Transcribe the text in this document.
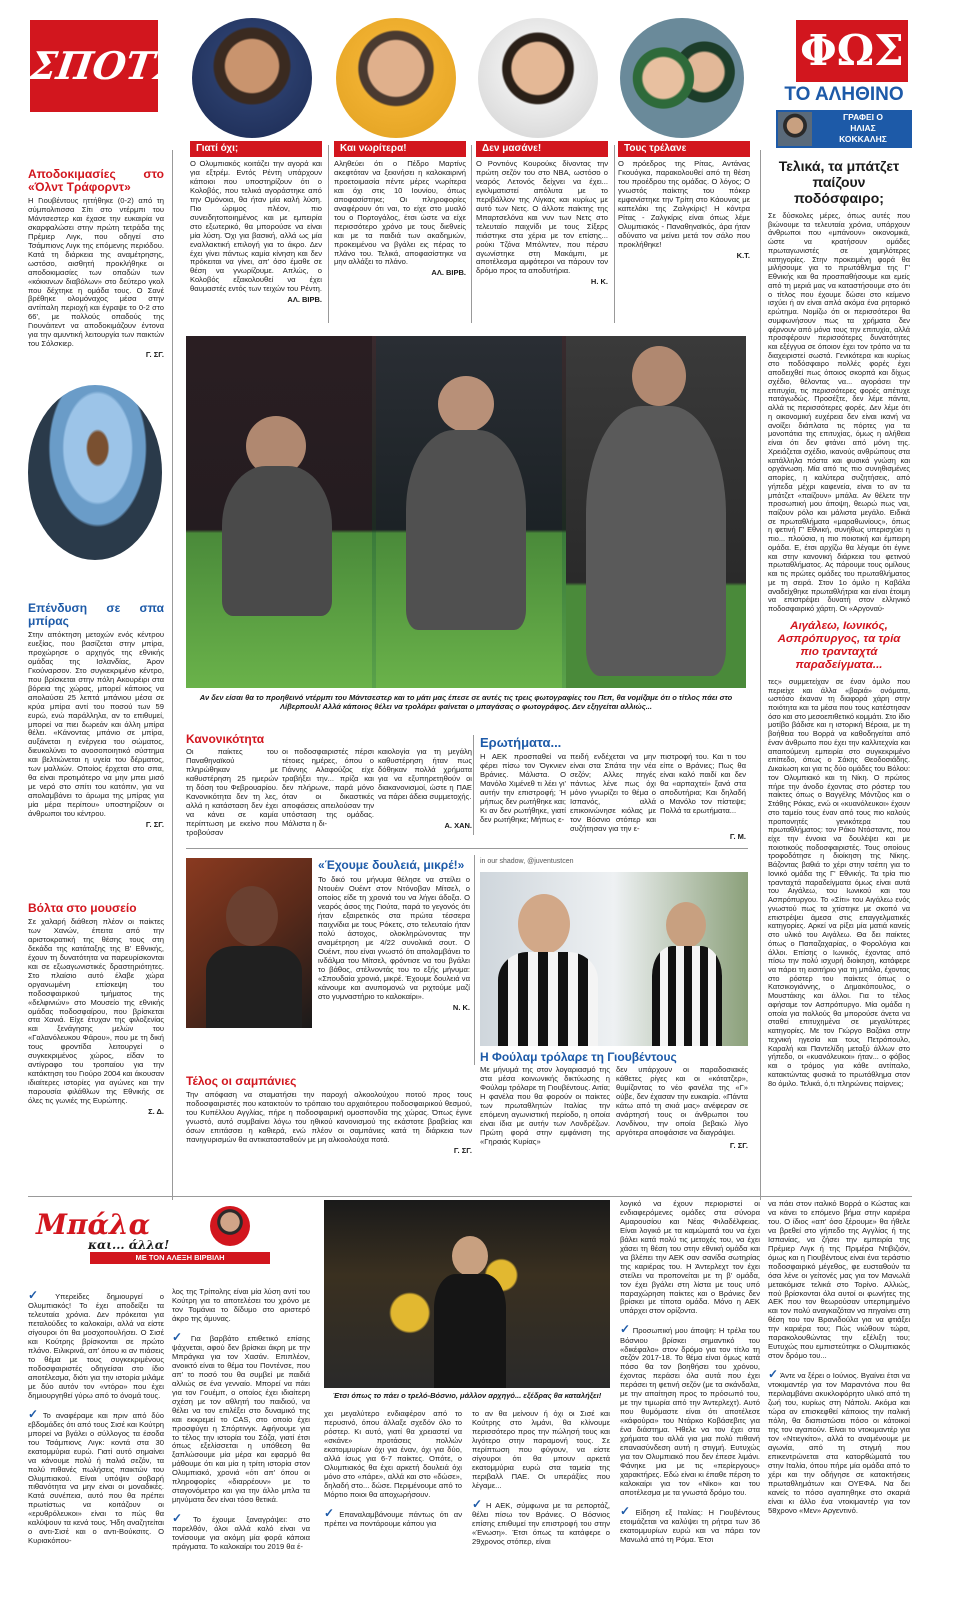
ΣΠΟΤΣ
Γιατί όχι;	Και νωρίτερα!	Δεν μασάνε!	Τους τρέλανε
ΦΩΣ
ΤΟ ΑΛΗΘΙΝΟ
ΓΡΑΦΕΙ Ο
ΗΛΙΑΣ
ΚΟΚΚΑΛΗΣ
Ο Ολυμπιακός κοιτάζει την αγορά και για εξτρέμ. Εντός Ρέντη υπάρχουν κάποιοι που υποστηρίζουν ότι ο Κολοβός, που τελικά αγοράστηκε από την Ομόνοια, θα ήταν μία καλή λύση. Πιο ώριμος πλέον, πιο συνειδητοποιημένος και με εμπειρία στο εξωτερικό, θα μπορούσε να είναι μία λύση. Όχι για βασική, αλλά ως μία εναλλακτική επιλογή για το άκρο. Δεν έχει γίνει πάντως καμία κίνηση και δεν πρόκειται να γίνει, απ' όσο έμαθε σε θέση να γνωρίζουμε. Απλώς, ο Κολοβός εξακολουθεί να έχει θαυμαστές εντός των τειχών του Ρέντη.
ΑΛ. ΒΙΡΒ.
Αληθεύει ότι ο Πέδρο Μαρτίνς ακεφτόταν να ξεκινήσει η καλοκαιρινή προετοιμασία πέντε μέρες νωρίτερα και όχι στις 10 Ιουνίου, όπως αποφασίστηκε; Οι πληροφορίες αναφέρουν ότι ναι, το είχε στο μυαλό του ο Πορτογάλος, έτσι ώστε να είχε περισσότερο χρόνο με τους διεθνείς και με τα παιδιά των ακαδημιών, προκειμένου να βγάλει εις πέρας το πλάνο του. Τελικά, αποφασίστηκε να μην αλλάξει το πλάνο.
ΑΛ. ΒΙΡΒ.
Ο Ροντιόνς Κουρούκς δίνοντας την πρώτη σεζόν του στο NBA, ωστόσο ο νεαρός Λετονός δείχνει να έχει... εγκλιματιστεί απόλυτα με το περιβάλλον της Λίγκας και κυρίως με αυτό των Νετς. Ο άλλοτε παίκτης της Μπαρτσελόνα και νυν των Νετς στο τελευταίο παιχνίδι με τους Σίξερς πιάστηκε στα χέρια με τον επίσης... ρούκι Τζόνα Μπόλντεν, που πέρσυ αγωνίστηκε στη Μακάμπι, με αποτέλεσμα αμφότεροι να πάρουν τον δρόμο προς τα αποδυτήρια.
Η. Κ.
Ο πρόεδρος της Ρίτας, Αντάνας Γκουόγκα, παρακολουθεί από τη θέση του προέδρου της ομάδας. Ο λόγος; Ο γνωστός παίκτης του πόκερ εμφανίστηκε την Τρίτη στο Κάουνας με καπελάκι της Ζαλγκίρις! Η κόντρα Ρίτας - Ζαλγκίρις είναι όπως λέμε Ολυμπιακός - Παναθηναϊκός, άρα ήταν αδύνατο να μείνει μετά τον σάλο που προκλήθηκε!
Κ.Τ.
Αποδοκιμασίες στο «Όλντ Τράφορντ»
Η Γιουβέντους ηττήθηκε (0-2) από τη σύμπολιτισσα Σίτι στο ντέρμπι του Μάντσεστερ και έχασε την ευκαιρία να σκαρφαλώσει στην πρώτη τετράδα της Πρέμιερ Λιγκ, που οδηγεί στο Τσάμπιονς Λιγκ της επόμενης περιόδου. Κατά τη διάρκεια της αναμέτρησης, ωστόσο, αισθητή προκλήθηκε οι αποδοκιμασίες των οπαδών των «κόκκινων διαβόλων» στο δεύτερο γκολ που δέχτηκε η ομάδα τους. Ο Σανέ βρέθηκε ολομόναχος μέσα στην αντίπαλη περιοχή και έγραψε το 0-2 στο 66', με πολλούς οπαδούς της Γιουνάιτεντ να αποδοκιμάζουν έντονα για την αμυντική λειτουργία των παικτών του Σόλσκιερ.
Γ. ΣΓ.
Επένδυση σε σπα μπίρας
Στην απόκτηση μετοχών ενός κέντρου ευεξίας, που βασίζεται στην μπίρα, προχώρησε ο αρχηγός της εθνικής ομάδας της Ισλανδίας, Άρον Γκούναρσον. Στο συγκεκριμένο κέντρο, που βρίσκεται στην πόλη Ακουρέιρι στα βόρεια της χώρας, μπορεί κάποιος να απολαύσει 25 λεπτά μπάνιου μέσα σε κρύα μπίρα αντί του ποσού των 59 ευρώ, ενώ παράλληλα, αν το επιθυμεί, μπορεί να πιει δωρεάν και άλλη μπίρα θέλει. «Κάνοντας μπάνιο σε μπίρα, αυξάνεται η ενέργεια του σώματος, διευκολύνει το ανοσοποιητικό σύστημα και βελτιώνεται η υγεία του δέρματος, των μαλλιών. Οποίος έρχεται στο σπα, θα είναι προτιμότερο να μην μπει μισό με νερό στο σπίτι του κατόπιν, για να απολαμβάνει το άρωμα της μπίρας για μία μέρα περίπου» υποστηρίζουν οι άνθρωποι του κέντρου.
Γ. ΣΓ.
Βόλτα στο μουσείο
Σε χαλαρή διάθεση πλέον οι παίκτες των Χανών, έπειτα από την αριστοκρατική της θέσης τους στη δεκάδα της κατάταξης της Β' Εθνικής, έχουν τη δυνατότητα να παρευρίσκονται και σε εξωαγωνιστικές δραστηριότητες. Στο πλαίσιο αυτό έλαβε χώρα οργανωμένη επίσκεψη του ποδοσφαιρικού τμήματος της «δελφινιών» στο Μουσείο της εθνικής ομάδας ποδοσφαίρου, που βρίσκεται στα Χανιά. Είχε έτυχαν της φιλοξενίας και ξενάγησης μελών του «Γαλανόλευκου Φάρου», που με τη δική τους φροντίδα λειτουργεί ο συγκεκριμένος χώρος, είδαν το αντίγραφο του τροπαίου για την κατάκτηση του Γιούρο 2004 και άκουσαν ιδιαίτερες ιστορίες για αγώνες και την παρουσία φιλάθλων της Εθνικής σε όλες τις γωνιές της Ευρώπης.
Σ. Δ.
Αν δεν είσαι θα το προηθεινό ντέρμπι του Μάντσεστερ και το μάτι μας έπεσε σε αυτές τις τρεις φωτογραφίες του Πεπ, θα νομίζαμε ότι ο τίτλος πάει στο Λίβερπουλ! Αλλά κάποιος θέλει να τρολάρει φαίνεται ο μπαγάσας ο φωτογράφος. Δεν εξηγείται αλλιώς...
Κανονικότητα
Οι παίκτες του Παναθηναϊκού πληρώθηκαν με καθυστέρηση 25 ημερών τη δόση του Φεβρουαρίου. Κανονικότητα δεν τη λες, αλλά η κατάσταση δεν έχει να κάνει σε καμία περίπτωση με εκείνο που τροβούσαν
οι ποδοσφαιριστές πέρσι τέτοιες ημέρες, όπου ο Γιάννης Αλαφούζος είχε τραβήξει την... πρίζα και δεν πλήρωνε, παρά μόνο όταν οι δικαστικές αποφάσεις απειλούσαν την υπόσταση της ομάδας. Μάλιστα η δι-
καιολογία για τη μεγάλη καθυστέρηση ήταν πως δόθηκαν πολλά χρήματα για να εξυπηρετηθούν οι διακανονισμοί, ώστε η ΠΑΕ να πάρει άδεια συμμετοχής.
Α. ΧΑΝ.
Ερωτήματα...
Η ΑΕΚ προσπαθεί να φέρει πίσω τον Όγκνιεν Βράνιες. Μάλιστα. Ο Μανόλο Χιμένεθ τι λέει γι' αυτήν την επιστροφή; Ή μήπως δεν ρωτήθηκε και; Κι αν δεν ρωτήθηκε, γιατί δεν ρωτήθηκε; Μήπως ε-
πειδή ενδέχεται να μην είναι στα Σπάτα την νέα σεζόν; Αλλες πηγές πάντως λένε πως όχι μόνο γνωρίζει το θέμα ο Ισπανός, αλλά επικοινώνησε κιόλας με τον Βόσνιο στόπερ και συζήτησαν για την ε-
πιστροφή του. Και τι του είπε ο Βράνιες; Πως θα είναι καλό παιδί και δεν θα «αρπαχτεί» ξανά στα αποδυτήρια; Και δηλαδή ο Μανόλο τον πίστεψε; Πολλά τα ερωτήματα...
Γ. Μ.
«Έχουμε δουλειά, μικρέ!»
Το δικό του μήνυμα θέλησε να στείλει ο Ντουέιν Ουέιντ στον Ντόνοβαν Μίτσελ, ο οποίος είδε τη χρονιά του να λήγει άδοξα. Ο νεαρός άσος της Γιούτα, παρά το γεγονός ότι ήταν εξαιρετικός στα πρώτα τέσσερα παιχνίδια με τους Ρόκετς, στο τελευταίο ήταν πολύ άστοχος, ολοκληρώνοντας την αναμέτρηση με 4/22 συνολικά σουτ. Ο Ουέιντ, που είναι γνωστό ότι απολαμβάνει το ινδάλμα του Μίτσελ, φρόντισε να του βγάλει το βάθος, στέλνοντάς του το εξής μήνυμα: «Σπουδαία χρονιά, μικρέ. Έχουμε δουλειά να κάνουμε και ανυπομονώ να ριχτούμε μαζί στο γυμναστήριο το καλοκαίρι».
Ν. Κ.
in our shadow, @juventustcen
Η Φούλαμ τρόλαρε τη Γιουβέντους
Με μήνυμά της στον λογαριασμό της στα μέσα κοινωνικής δικτύωσης η Φούλαμ τρόλαρε τη Γιουβέντους. Αιτία; Η φανέλα που θα φορούν οι παίκτες των πρωταθλητών Ιταλίας την επόμενη αγωνιστική περίοδο, η οποία είναι ίδια με αυτήν των Λονδρέζων. Πρώτη φορά στην εμφάνιση της «Γηραιάς Κυρίας»
δεν υπάρχουν οι παραδοσιακές κάθετες ρίγες και οι «κότατζερ», θυμίζοντας το νέο φανέλα της «Γ» ούβε, δεν έχασαν την ευκαιρία. «Πάντα κάτω από τη σκιά μας» ανέφεραν σε ανάρτησή τους οι άνθρωποι του Λονδίνου, την οποία βεβαιώ λίγο αργότερα αποφάσισε να διαγράψει.
Γ. ΣΓ.
Τέλος οι σαμπάνιες
Την απόφαση να σταματήσει την παροχή αλκοολούχου ποτού προς τους ποδοσφαιριστές που κατακτούν το τρόπαιο του αρχαιότερου ποδοσφαιρικού θεσμού, του Κυπέλλου Αγγλίας, πήρε η ποδοσφαιρική ομοσπονδία της χώρας. Όπως έγινε γνωστό, αυτό συμβαίνει λόγω του ηθικού κανονισμού της εκάστοτε βραβείας και όσων επιτάσσει η καθιερά, ενώ πλέον οι σαμπάνιες κατά τη διάρκεια των πανηγυρισμών θα αντικατασταθούν με μη αλκοολούχα ποτά.
Γ. ΣΓ.
Τελικά, τα μπάτζετ παίζουν ποδόσφαιρο;
Σε δύσκολες μέρες, όπως αυτές που βιώνουμε τα τελευταία χρόνια, υπάρχουν άνθρωποι που «μπάνουν» οικονομικά, ώστε να κρατήσουν ομάδες πρωταγωνιστές σε χαμηλότερες κατηγορίες. Στην προκειμένη φορά θα μιλήσουμε για το πρωτάθλημα της Γ' Εθνικής και θα προσπαθήσουμε και εμείς από τη μεριά μας να καταστήσουμε στο ότι ο τίτλος που έχουμε δώσει στο κείμενο ισχύει ή αν είναι απλά ακόμα ένα ρητορικό ερώτημα. Νομίζω ότι οι περισσότεροι θα συμφωνήσουν πως τα χρήματα δεν φέρνουν από μόνα τους την επιτυχία, αλλά προσφέρουν περισσότερες δυνατότητες και εξέγγυα σε όποιον έχει τον τρόπο να τα διαχειριστεί σωστά. Γενικότερα και κυρίως στο ποδόσφαιρο πολλές φορές έχει αποδειχθεί πως όποιος σκορπά και δίχως σχέδιο, θέλοντας να... αγοράσει την επιτυχία, τις περισσότερες φορές απέτυχε πατάγωδώς. Προσέξτε, δεν λέμε πάντα, αλλά τις περισσότερες φορές. Δεν λέμε ότι η οικονομική ευχέρεια δεν είναι ικανή να ανοίξει διάπλατα τις πόρτες για τα μονοπάτια της επιτυχίας, όμως η αλήθεια είναι ότι δεν φτάνει από μόνη της. Χρειάζεται σχέδιο, ικανούς ανθρώπους στα κατάλληλα πόστα και φυσικά γνώση και οργάνωση. Μία από τις πιο συνηθισμένες απορίες, η καλύτερα συζητήσεις, από γήπεδα μέχρι καφενεία, είναι το αν τα μπάτζετ «παίζουν» μπάλα. Αν θέλετε την προσωπική μου άποψη, θεωρώ πως ναι, παίζουν ρόλο και μάλιστα μεγάλο. Ειδικά σε πρωταθλήματα «μαραθωνίους», όπως η φετινή Γ' Εθνική, συνήθως υπερισχύει η πιο... πλούσια, η πιο ποιοτική και έμπειρη ομάδα. Ε, έτσι αρχίζω θα λέγαμε ότι έγινε και στην κανονική διάρκεια του φετινού πρωταθλήματος. Ας πάρουμε τους ομίλους και τις πρώτες ομάδες του πρωταθλήματος με τη σειρά. Στον 1ο όμιλο η Καβάλα αναδείχθηκε πρωταθλήτρια και είναι έτοιμη να επιστρέψει δυνατή στον ελληνικό ποδοσφαιρικό χάρτη. Οι «Αργοναύ-
Αιγάλεω, Ιωνικός, Ασπρόπυργος, τα τρία πιο τρανταχτά παραδείγματα...
τες» συμμετείχαν σε έναν όμιλο που περιείχε και άλλα «βαριά» ονόματα, ωστόσο έκαναν τη διαφορά χάρη στην ποιότητα και τα μέσα που τους κατέστησαν όσο και στο μεσοεπιθετικό κομμάτι. Στο ίδιο μοτίβο βάδισε και η ιστορική Βέροια, με τη βοήθεια του Βορρά να καθοδηγείται από έναν άνθρωπο που έχει την καλλιτεχνία και απαιτούμενη εμπειρία στο συγκεκριμένο επίπεδο, όπως ο Σάκης Θεοδοσιάδης. Δικαίωση και για τις δύο ομάδες του Βόλου: τον Ολυμπιακό και τη Νίκη. Ο πρώτος πήρε την άνοδο έχοντας στο ρόστερ του παίκτες όπως ο Βαγγέλης Μόντζιος και ο Στάθης Ρόκας, ενώ οι «κυανόλευκοι» έχουν στο ταμείο τους έναν από τους πιο καλούς προπονητές γενικότερα του πρωταθλήματος: τον Ράκο Ντόσταντς, που είχε την έννοια να δουλέψει και με ποιοτικούς ποδοσφαιριστές. Τους οποίους τροφοδότησε η διοίκηση της Νίκης. Βάζοντας βαθιά το χέρι στην τσέπη για το Ιονικό ομάδα της Γ' Εθνικής. Τα τρία πιο τρανταχτά παραδείγματα όμως είναι αυτά του Αιγάλεω, του Ιωνικού και του Ασπρόπυργου. Το «Σίτι» του Αιγάλεω ενός γνωστού πως τα χτίστηκε με σκοπό να επιστρέψει άμεσα στις επαγγελματικές κατηγορίες. Αρκεί να ρίξει μία ματιά κανείς στο υλικό του Αιγάλεω. Θα δει παίκτες όπως ο Παπαζαχαρίας, ο Φορολόγια και άλλοι. Επίσης ο Ιωνικός, έχοντας από πίσω την πολύ ισχυρή διοίκηση, κατάφερε να πάρει τη εισιτήριο για τη μπάλα, έχοντας στο ρόστερ του παίκτες όπως ο Κατσικογιάννης, ο Δημακόπουλος, ο Μουστάκης και άλλοι. Για το τέλος αφήσαμε τον Ασπρόπυργο. Μία ομάδα η οποία για πολλούς θα μπορούσε άνετα να σταθεί επιτυχημένα σε μεγαλύτερες κατηγορίες. Με τον Γιώργο Βαζάκα στην τεχνική ηγεσία και τους Πετρόπουλο, Καραλή και Παντελίδη μεταξύ άλλων στο γήπεδο, οι «κυανόλευκοι» ήταν... ο φόβος και ο τρόμος για κάθε αντίπαλο, κατακτώντας φυσικά το πρωτάθλημα στον 8ο όμιλο. Τελικά, ό,τι πληρώνεις παίρνεις;
Μπάλα
και... άλλα!
ΜΕ ΤΟΝ ΑΛΕΞΗ ΒΙΡΒΙΛΗ
✓ Υπερείδες δημιουργεί ο Ολυμπιακός! Το έχει αποδείξει τα τελευταία χρόνια. Δεν πρόκειται για πεταλούδες το καλοκαίρι, αλλά να είστε σίγουροι ότι θα μοσχοπουλήσει. Ο Σισέ και Κούτρης βρίσκονται σε πρώτο πλάνο. Ειλικρινά, απ' όπου κι αν πιάσεις το θέμα με τους συγκεκριμένους ποδοσφαιριστές οδηγείσαι στο ίδιο αποτέλεσμα, διότι για την ιστορία μιλάμε με δύο αυτόν τον «ντόρο» που έχει δημιουργηθεί γύρω από το όνομά τους.
✓ Το αναφέραμε και πριν από δύο εβδομάδες ότι από τους Σισέ και Κούτρη μπορεί να βγάλει ο σύλλογος τα έσοδα του Τσάμπιονς Λιγκ: κοντά στα 30 εκατομμύρια ευρώ. Γιατί αυτό σημαίνει να κάνουμε πολύ ή παλιά σεζόν, τα πολύ πιθανές πωλήσεις παικτών του Ολυμπιακού. Είναι υπόψιν σοβαρή πιθανότητα να μην είναι οι μοναδικές. Κατά συνέπεια, αυτό που θα πρέπει πρωτίστως να κοιτάζουν οι «ερυθρόλευκοι» είναι το πώς θα καλύψουν τα κενά τους. Ήδη αναζητείται ο αντι-Σισέ και ο αντι-Βούκσιτς. Ο Κυριακόπου-
λος της Τρίπολης είναι μία λύση αντί του Κούτρη για το αποτελέσει του χρόνο με τον Τομάνια το δίδυμο στο αριστερό άκρο της άμυνας.
✓ Για βαρβάτο επιθετικό επίσης ψάχνεται, αφού δεν βρίσκει άκρη με την Μπράγκα για τον Χασάν. Επιπλέον, ανοικτό είναι το θέμα του Ποντένσε, που απ' το ποσό του θα συμβεί με παιδιά αλλιώς σε ένα γενναίο. Μπορεί να πάει για τον Γουέμπ, ο οποίος έχει ιδιαίτερη σχέση με τον αθλητή του παιδιού, να θέλει να τον επιλέξει στο δυναμικό της και εκκρεμεί το CAS, στο οποίο έχει προσφύγει η Σπόρτινγκ. Αφήνουμε για το τέλος την ιστορία του Σόζα, γιατί έτσι όπως εξελίσσεται η υπόθεση θα ξαπλώσουμε μία μέρα και εφαρμό θα μάθουμε ότι και μία η τρίτη ιστορία στον Ολυμπιακό, χρονιά «ότι απ' όπου οι πληροφορίες «διαρρέουν» με το σταγονόμετρο και για την άλλο μπλα τα μηνύματα δεν είναι τόσο θετικά.
✓ Το έχουμε ξαναγράψει: στο παρελθόν, όλοι αλλά καλό είναι να τονίσουμε για ακόμη μία φορά κάποια πράγματα. Το καλοκαίρι του 2019 θα έ-
Έτσι όπως το πάει ο τρελό-Βόσνιο, μάλλον αρχηγό... εξέδρας θα καταλήξει!
χει μεγαλύτερο ενδιαφέρον από το περυσινό, όπου άλλαξε σχεδόν όλο το ρόστερ. Κι αυτό, γιατί θα χρειαστεί να «σκάνε» προτάσεις πολλών εκατομμυρίων όχι για έναν, όχι για δύο, αλλά ίσως για 6-7 παίκτες. Οπότε, ο Ολυμπιακός θα έχει αρκετή δουλειά όχι μόνο στο «πάρε», αλλά και στο «δώσε», δηλαδή στο... δώσε. Περιμένουμε από το Μόρτιο ποιοι θα αποχωρήσουν.
✓ Επαναλαμβάνουμε πάντως ότι αν πρέπει να ποντάρουμε κάπου για
το αν θα μείνουν ή όχι οι Σισέ και Κούτρης στο λιμάνι, θα κλίνουμε περισσότερο προς την πώλησή τους και λιγότερο στην παραμονή τους. Σε περίπτωση που φύγουν, να είστε σίγουροι ότι θα μπουν αρκετά εκατομμύρια ευρώ στα ταμεία της περιβαλλ ΠΑΕ. Οι υπεράξίες που λέγαμε...
✓ Η ΑΕΚ, σύμφωνα με τα ρεπορτάζ, θέλει πίσω τον Βράνιες. Ο Βόσνιος επίσης επιθυμεί την επιστροφή του στην «Ένωση». Έτσι όπως τα κατάφερε ο 29χρονος στόπερ, είναι
λογικό να έχουν περιοριστεί οι ενδιαφερόμενες ομάδες στα σύνορα Αμαρουσίου και Νέας Φιλαδέλφειας. Είναι λογικό με τα καμώματά του να έχει βάλει κατά πολύ τις μετοχές του, να έχει χάσει τη θέση του στην εθνική ομάδα και να βλέπει την ΑΕΚ σαν σανίδα σωτηρίας της καριέρας του. Η Άντερλεχτ τον έχει στείλει να προπονείται με τη β' ομάδα, τον έχει βγάλει στη λίστα με τους υπό παραχώρηση παίκτες και ο Βράνιες δεν βρίσκει με τίποτα ομάδα. Μόνο η ΑΕΚ υπάρχει στον ορίζοντα.
✓ Προσωπική μου άποψη: Η τρέλα του Βόσνιου βρίσκει σημαντικό του «δικέφαλο» στον δρόμο για τον τίτλο τη σεζόν 2017-18. Το θέμα είναι όμως κατά πόσο θα τον βοηθήσει του χρόνου, έχοντας περάσει όλα αυτά που έχει περάσει τη φετινή σεζόν (με τα σκάνδαλα, με την απαίτηση προς το πρόσωπό του, με την τιμωρία από την Άντερλεχτ). Αυτό που θυμόμαστε είναι ότι αποτέλεσε «κάφούρα» του Ντάρκο Κοβάσεβιτς για ένα διάστημα. Ήθελε να τον έχει στα χρήματα του αλλά για μια πολύ πιθανή επανασύνδεση αυτή η στιγμή. Ευτυχώς για τον Ολυμπιακό που δεν έπεσε λιμάνι. Φάνηκε μια με τις «περίεργους» χαρακτήρες. Εδώ είναι κι έπαθε πέρση το καλοκαίρι για τον «Νίκο» και του αποτέλεσμα με τα γνωστά δρόμο του.
✓ Είδηση εξ Ιταλίας: Η Γιουβέντους ετοιμάζεται να καλύψει τη ρήτρα των 36 εκατομμυρίων ευρώ και να πάρει τον Μανωλά από τη Ρόμα. Έτσι
να πάει στον ιταλικό Βορρά ο Κώστας και να κάνει το επόμενο βήμα στην καριέρα του. Ο ίδιος «απ' όσο ξέρουμε» θα ήθελε να βρεθεί στο γήπεδο της Αγγλίας ή της Ισπανίας, να ζήσει την εμπειρία της Πρέμιερ Λιγκ ή της Πριμέρα Ντιβιζιόν, όμως και η Γιουβέντους είναι ένα τεράστιο ποδοσφαιρικό μέγεθος, φε ευσταθούν τα όσα λένε οι γείτονές μας για τον Μανωλά μετακόμισε τελικά στο Τορίνο. Αλλιώς, πού βρίσκονται όλα αυτοί οι φωνήτες της ΑΕΚ που τον θεωρούσαν υπερτιμημένο και τον πολύ αναγκαζόταν να πηγαίνει στη θέση του τον Βρανιδούλα για να φτιάξει την καριέρα του; Πώς νιώθουν τώρα, παρακολουθώντας την εξέλιξη του; Ευτυχώς που εμπιστεύτηκε ο Ολυμπιακός στον δρόμο του...
✓ Άντε να ξέρει ο Ιούνιος. Βγαίνει έτσι να ντοκιμαντέρ για τον Μαραντόνα που θα περιλαμβάνει ακυκλοφόρητο υλικό από τη ζωή του, κυρίως στη Νάπολι. Ακόμα και τώρα αν επισκεφθεί κάποιος την ιταλική πόλη, θα διαπιστώσει πόσο οι κάτοικοί της τον αγαπούν. Είναι το ντοκιμαντέρ για τον «Ντιεγκίτο», αλλά το αναμένουμε με αγωνία, από τη στιγμή που επικεντρώνεται στα κατορθώματά του στην Ιταλία, όπου πήρε μία ομάδα από το χέρι και την οδήγησε σε κατακτήσεις πρωταθλημάτων και ΟΥΕΦΑ. Να δει κανείς το πόσο αγαπηθηκε στο σκαριά είναι κι άλλο ένα ντοκιμαντέρ για τον 58χρονο «Μεν» Αργεντινό.
